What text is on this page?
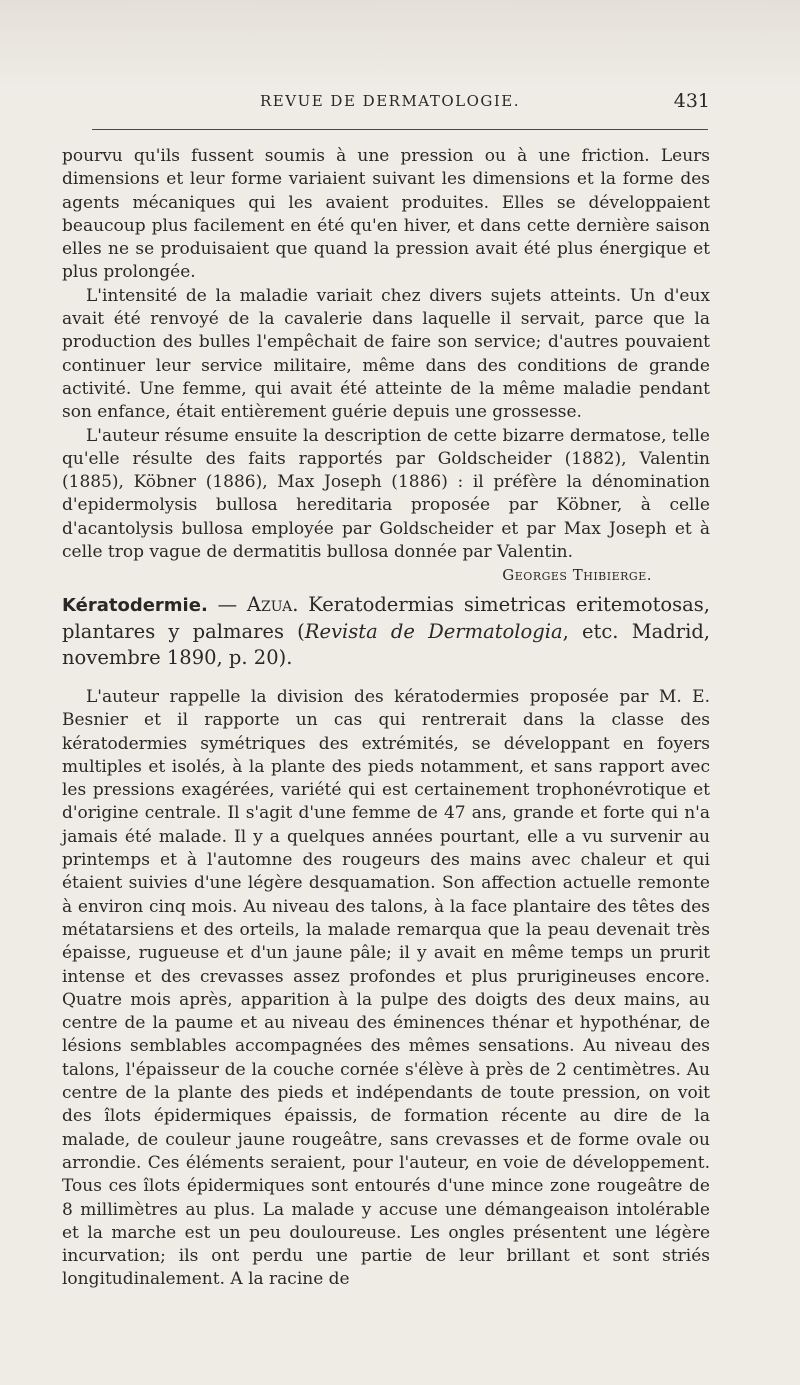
REVUE DE DERMATOLOGIE.	431

pourvu qu'ils fussent soumis à une pression ou à une friction. Leurs dimensions et leur forme variaient suivant les dimensions et la forme des agents mécaniques qui les avaient produites. Elles se développaient beaucoup plus facilement en été qu'en hiver, et dans cette dernière saison elles ne se produisaient que quand la pression avait été plus énergique et plus prolongée.

L'intensité de la maladie variait chez divers sujets atteints. Un d'eux avait été renvoyé de la cavalerie dans laquelle il servait, parce que la production des bulles l'empêchait de faire son service; d'autres pouvaient continuer leur service militaire, même dans des conditions de grande activité. Une femme, qui avait été atteinte de la même maladie pendant son enfance, était entièrement guérie depuis une grossesse.

L'auteur résume ensuite la description de cette bizarre dermatose, telle qu'elle résulte des faits rapportés par Goldscheider (1882), Valentin (1885), Köbner (1886), Max Joseph (1886) : il préfère la dénomination d'epidermolysis bullosa hereditaria proposée par Köbner, à celle d'acantolysis bullosa employée par Goldscheider et par Max Joseph et à celle trop vague de dermatitis bullosa donnée par Valentin.
Georges Thibierge.

Kératodermie. — Azua. Keratodermias simetricas eritemotosas, plantares y palmares (Revista de Dermatologia, etc. Madrid, novembre 1890, p. 20).

L'auteur rappelle la division des kératodermies proposée par M. E. Besnier et il rapporte un cas qui rentrerait dans la classe des kératodermies symétriques des extrémités, se développant en foyers multiples et isolés, à la plante des pieds notamment, et sans rapport avec les pressions exagérées, variété qui est certainement trophonévrotique et d'origine centrale. Il s'agit d'une femme de 47 ans, grande et forte qui n'a jamais été malade. Il y a quelques années pourtant, elle a vu survenir au printemps et à l'automne des rougeurs des mains avec chaleur et qui étaient suivies d'une légère desquamation. Son affection actuelle remonte à environ cinq mois. Au niveau des talons, à la face plantaire des têtes des métatarsiens et des orteils, la malade remarqua que la peau devenait très épaisse, rugueuse et d'un jaune pâle; il y avait en même temps un prurit intense et des crevasses assez profondes et plus prurigineuses encore. Quatre mois après, apparition à la pulpe des doigts des deux mains, au centre de la paume et au niveau des éminences thénar et hypothénar, de lésions semblables accompagnées des mêmes sensations. Au niveau des talons, l'épaisseur de la couche cornée s'élève à près de 2 centimètres. Au centre de la plante des pieds et indépendants de toute pression, on voit des îlots épidermiques épaissis, de formation récente au dire de la malade, de couleur jaune rougeâtre, sans crevasses et de forme ovale ou arrondie. Ces éléments seraient, pour l'auteur, en voie de développement. Tous ces îlots épidermiques sont entourés d'une mince zone rougeâtre de 8 millimètres au plus. La malade y accuse une démangeaison intolérable et la marche est un peu douloureuse. Les ongles présentent une légère incurvation; ils ont perdu une partie de leur brillant et sont striés longitudinalement. A la racine de
